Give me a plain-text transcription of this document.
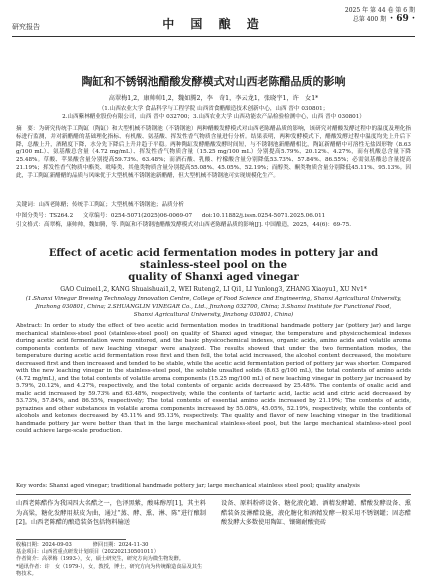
研究报告	中 国 酿 造
2025 年 第 44 卷 第 6 期
总第 400 期 · 69 ·
陶缸和不锈钢池醋酸发酵模式对山西老陈醋品质的影响
高翠梅1,2，康帅帅1,2，魏如腾2，李　奇1，李云龙1，张晓宇1，许　女1*
（1.山西农业大学 食品科学与工程学院 山西省食醋酿造技术创新中心，山西 晋中 030801；
2.山西紫林醋业股份有限公司，山西 晋中 032700；3.山西农业大学 山西功能农产品检验检测中心，山西 晋中 030801）
摘　要：为研究传统手工陶缸（陶缸）和大型机械不锈钢池（不锈钢池）两种醋酸发酵模式对山西老陈醋品质的影响，该研究对醋酸发酵过程中的温度及理化指标进行监测，并对新醋醋的基础理化指标、有机酸、氨基酸、挥发性香气物质含量进行分析。结果表明，两种发酵模式下，醋酸发酵过程中温度均先上升后下降，总酸上升，酒精度下降，水分先下降后上升并趋于平稳。两种陶缸发酵醋酸发酵时间短，与不锈钢池新醋醋相比，陶缸新醋醋中可溶性无盐固形物（8.63 g/100 mL）、氨基酸总含量（4.72 mg/mL）、挥发性香气物质含量（15.25 mg/100 mL）分别提高5.79%、20.12%、4.27%，而有机酸总含量下降25.48%。草酸、苹果酸含量分别提高59.73%、63.48%；而酒石酸、乳酸、柠檬酸含量分别降低53.73%、57.84%、86.55%；必需氨基酸总含量提高21.19%；挥发性香气物质中酯类、吡嗪类、其他类物质含量分别提高55.08%、45.05%、52.19%；而醇类、酮类物质含量分别降低45.11%、95.13%。因此，手工陶缸新醋醋的品质与风味优于大型机械不锈钢池新醋醋，但大型机械不锈钢池可实现规模化生产。
关键词：山西老陈醋；传统手工陶缸；大型机械不锈钢池；品质分析
中图分类号：TS264.2 文章编号：0254-5071(2025)06-0069-07 doi:10.11882/j.issn.0254-5071.2025.06.011
引文格式：高翠梅，康帅帅，魏如腾，等. 陶缸和不锈钢池醋酸发酵模式对山西老陈醋品质的影响[J]. 中国酿造，2025，44(6)：69-75.
Effect of acetic acid fermentation modes in pottery jar and stainless-steel pool on the
quality of Shanxi aged vinegar
GAO Cuimei1,2, KANG Shuaishuai1,2, WEI Ruteng2, LI Qi1, LI Yunlong3, ZHANG Xiaoyu1, XU Nv1*
(1.Shanxi Vinegar Brewing Technology Innovation Centre, College of Food Science and Engineering, Shanxi Agricultural University,
Jinzhong 030801, China; 2.SHUANGLIN VINEGAR Co., Ltd., Jinzhong 032700, China; 3.Shanxi Institute for Functional Food,
Shanxi Agricultural University, Jinzhong 030801, China)
Abstract: In order to study the effect of two acetic acid fermentation modes in traditional handmade pottery jar (pottery jar) and large mechanical stainless-steel pool (stainless-steel pool) on quality of Shanxi aged vinegar, the temperature and physicochemical indexes during acetic acid fermentation were monitored, and the basic physicochemical indexes, organic acids, amino acids and volatile aroma components contents of new leaching vinegar were analyzed. The results showed that under the two fermentation modes, the temperature during acetic acid fermentation rose first and then fell, the total acid increased, the alcohol content decreased, the moisture decreased first and then increased and tended to be stable, while the acetic acid fermentation period of pottery jar was shorter. Compared with the new leaching vinegar in the stainless-steel pool, the soluble unsalted solids (8.63 g/100 mL), the total contents of amino acids (4.72 mg/mL), and the total contents of volatile aroma components (15.25 mg/100 mL) of new leaching vinegar in pottery jar increased by 5.79%, 20.12%, and 4.27%, respectively, and the total contents of organic acids decreased by 25.48%. The contents of oxalic acid and malic acid increased by 59.73% and 63.48%, respectively, while the contents of tartaric acid, lactic acid and citric acid decreased by 53.73%, 57.84%, and 86.55%, respectively; The total contents of essential amino acids increased by 21.19%; The contents of acids, pyrazines and other substances in volatile aroma components increased by 55.08%, 45.05%, 52.19%, respectively, while the contents of alcohols and ketones decreased by 45.11% and 95.13%, respectively. The quality and flavor of new leaching vinegar in the traditional handmade pottery jar were better than that in the large mechanical stainless-steel pool, but the large mechanical stainless-steel pool could achieve large-scale production.
Key words: Shanxi aged vinegar; traditional handmade pottery jar; large mechanical stainless steel pool; quality analysis
山西老陈醋作为我国四大名醋之一，色泽黑紫，酸味醇厚[1]，其主料为高粱，糖化发酵用麸皮为曲，通过“蒸、酵、熏、淋、陈”进行酿制[2]。山西老陈醋的酿造装备包括物料输送
设备、原料粉碎设备、糖化液化罐、酒精发酵罐、醋酸发酵设备、熏醋装备及淋醋设施，液化糖化和酒精发酵一般采用不锈钢罐；固态醋酸发酵大多数使用陶缸、镶砌耐酸瓷砖
收稿日期：2024-09-03　　　　修回日期：2024-11-30
基金项目：山西省重点研发计划项目（202202130501011）
作者简介：高翠梅（1993-），女，硕士研究生，研究方向为微生物发酵。
*通讯作者：许　女（1979-），女，教授，博士，研究方向为传统酿造食品及其生物技术。
